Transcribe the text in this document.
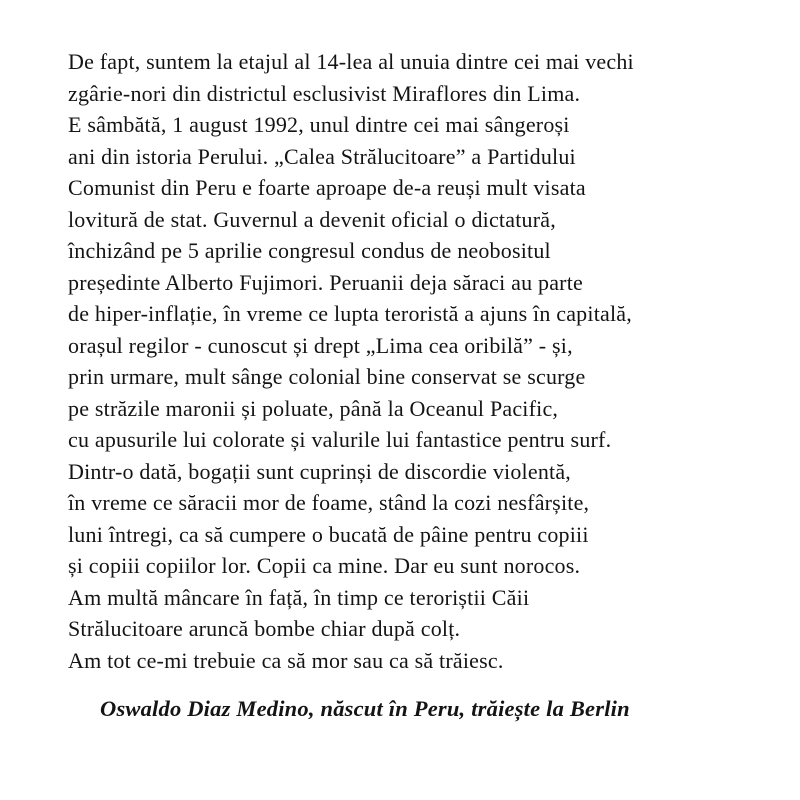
De fapt, suntem la etajul al 14-lea al unuia dintre cei mai vechi
zgârie-nori din districtul esclusivist Miraflores din Lima.
E sâmbătă, 1 august 1992, unul dintre cei mai sângeroși
ani din istoria Perului. „Calea Strălucitoare” a Partidului
Comunist din Peru e foarte aproape de-a reuși mult visata
lovitură de stat. Guvernul a devenit oficial o dictatură,
închizând pe 5 aprilie congresul condus de neobositul
președinte Alberto Fujimori. Peruanii deja săraci au parte
de hiper-inflație, în vreme ce lupta teroristă a ajuns în capitală,
orașul regilor - cunoscut și drept „Lima cea oribilă” - și,
prin urmare, mult sânge colonial bine conservat se scurge
pe străzile maronii și poluate, până la Oceanul Pacific,
cu apusurile lui colorate și valurile lui fantastice pentru surf.
Dintr-o dată, bogații sunt cuprinși de discordie violentă,
în vreme ce săracii mor de foame, stând la cozi nesfârșite,
luni întregi, ca să cumpere o bucată de pâine pentru copiii
și copiii copiilor lor. Copii ca mine. Dar eu sunt norocos.
Am multă mâncare în față, în timp ce teroriștii Căii
Strălucitoare aruncă bombe chiar după colț.
Am tot ce-mi trebuie ca să mor sau ca să trăiesc.
Oswaldo Diaz Medino, născut în Peru, trăiește la Berlin
